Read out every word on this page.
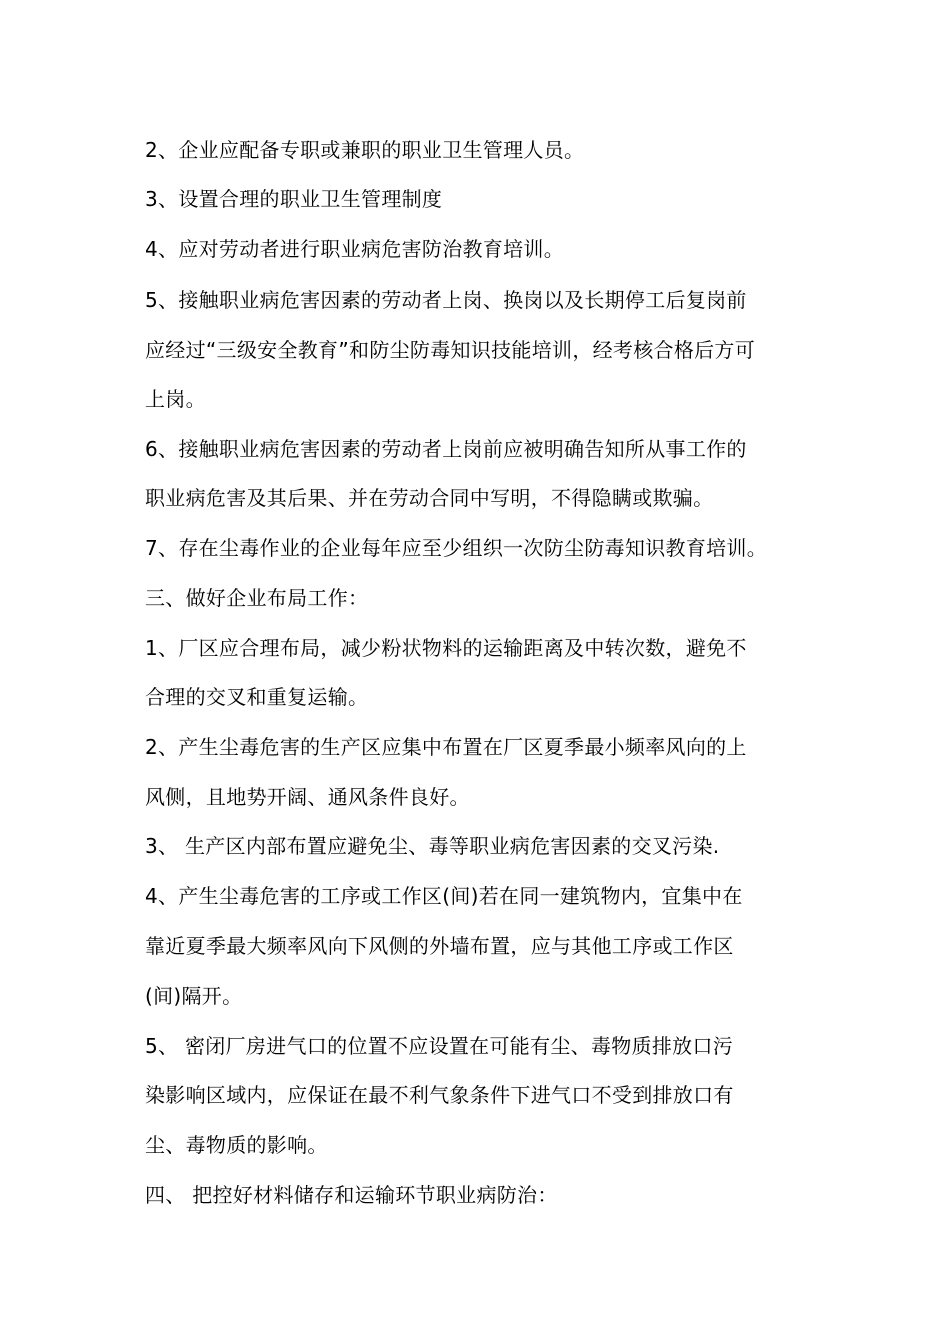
2、企业应配备专职或兼职的职业卫生管理人员。
3、设置合理的职业卫生管理制度
4、应对劳动者进行职业病危害防治教育培训。
5、接触职业病危害因素的劳动者上岗、换岗以及长期停工后复岗前
应经过“三级安全教育”和防尘防毒知识技能培训，经考核合格后方可
上岗。
6、接触职业病危害因素的劳动者上岗前应被明确告知所从事工作的
职业病危害及其后果、并在劳动合同中写明，不得隐瞒或欺骗。
7、存在尘毒作业的企业每年应至少组织一次防尘防毒知识教育培训。
三、做好企业布局工作：
1、厂区应合理布局，减少粉状物料的运输距离及中转次数，避免不
合理的交叉和重复运输。
2、产生尘毒危害的生产区应集中布置在厂区夏季最小频率风向的上
风侧，且地势开阔、通风条件良好。
3、 生产区内部布置应避免尘、毒等职业病危害因素的交叉污染.
4、产生尘毒危害的工序或工作区(间)若在同一建筑物内，宜集中在
靠近夏季最大频率风向下风侧的外墙布置，应与其他工序或工作区
(间)隔开。
5、 密闭厂房进气口的位置不应设置在可能有尘、毒物质排放口污
染影响区域内，应保证在最不利气象条件下进气口不受到排放口有
尘、毒物质的影响。
四、 把控好材料储存和运输环节职业病防治：
